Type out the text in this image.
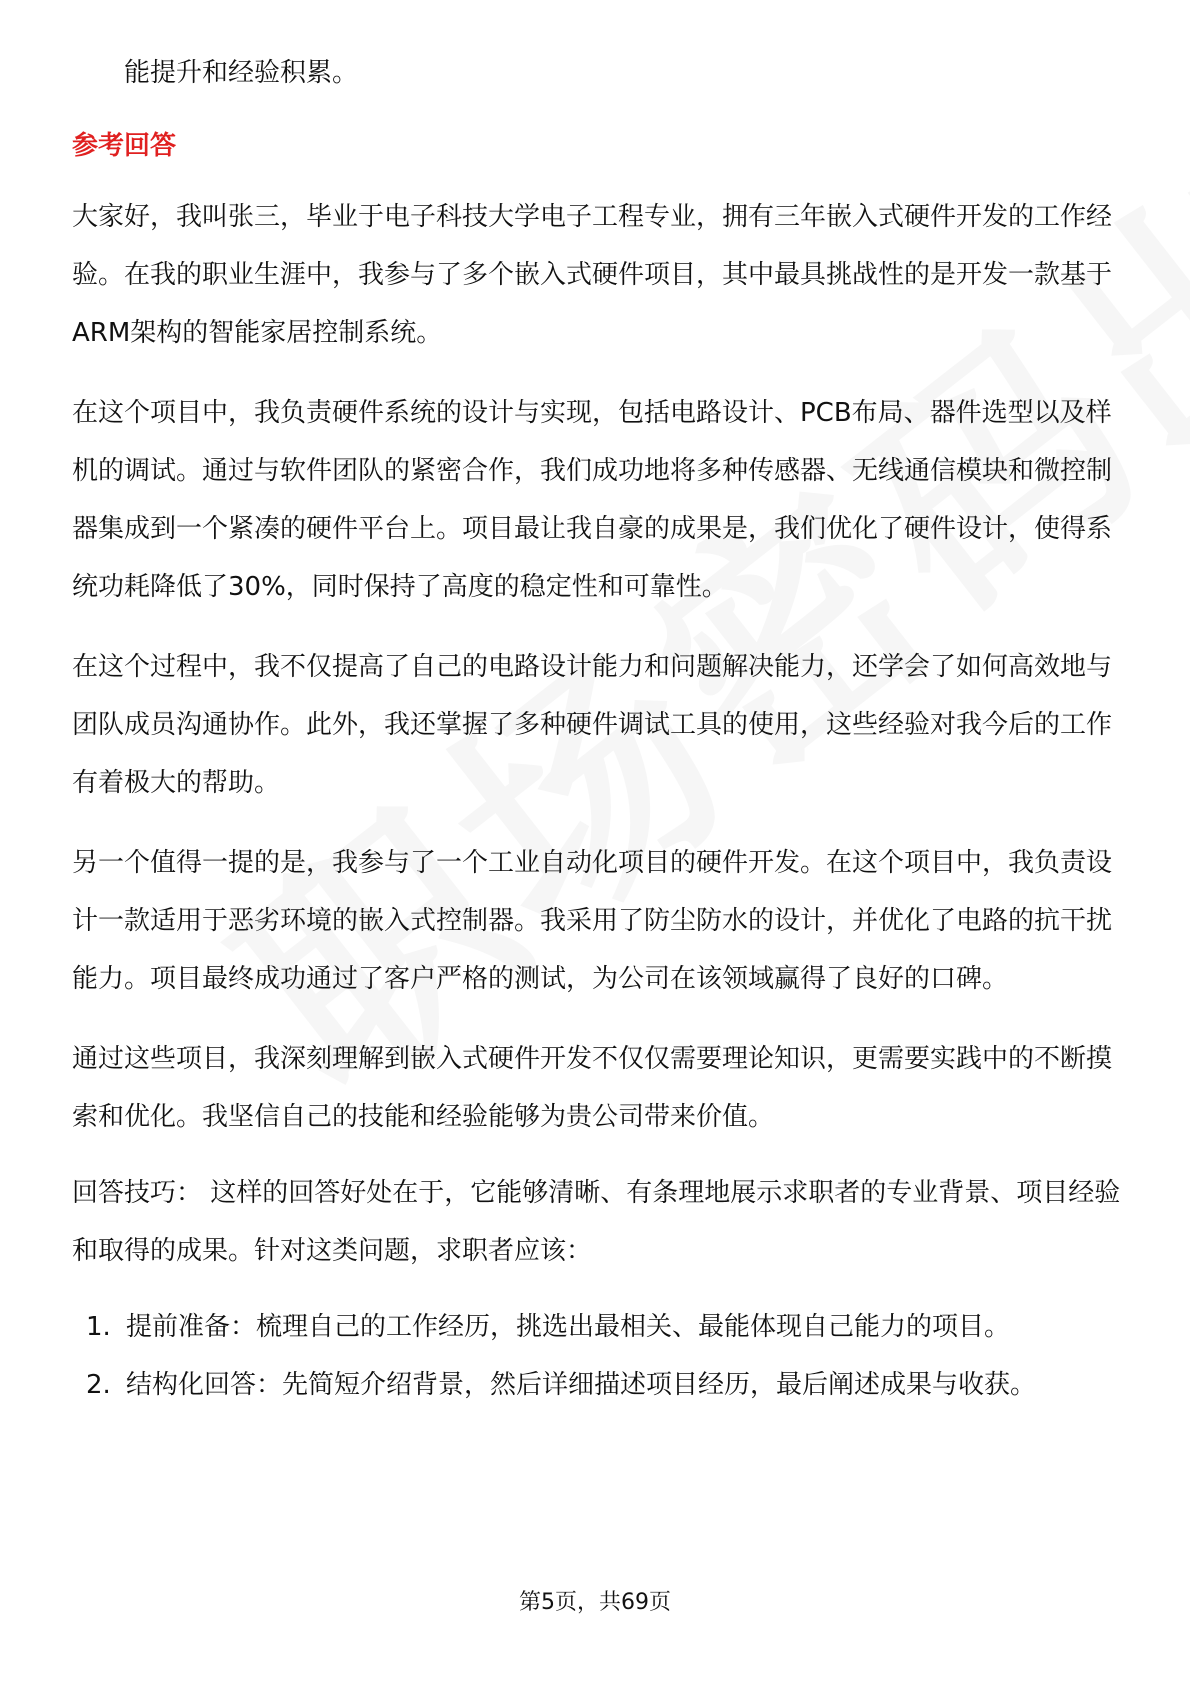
能提升和经验积累。

参考回答

大家好，我叫张三，毕业于电子科技大学电子工程专业，拥有三年嵌入式硬件开发的工作经验。在我的职业生涯中，我参与了多个嵌入式硬件项目，其中最具挑战性的是开发一款基于ARM架构的智能家居控制系统。

在这个项目中，我负责硬件系统的设计与实现，包括电路设计、PCB布局、器件选型以及样机的调试。通过与软件团队的紧密合作，我们成功地将多种传感器、无线通信模块和微控制器集成到一个紧凑的硬件平台上。项目最让我自豪的成果是，我们优化了硬件设计，使得系统功耗降低了30%，同时保持了高度的稳定性和可靠性。

在这个过程中，我不仅提高了自己的电路设计能力和问题解决能力，还学会了如何高效地与团队成员沟通协作。此外，我还掌握了多种硬件调试工具的使用，这些经验对我今后的工作有着极大的帮助。

另一个值得一提的是，我参与了一个工业自动化项目的硬件开发。在这个项目中，我负责设计一款适用于恶劣环境的嵌入式控制器。我采用了防尘防水的设计，并优化了电路的抗干扰能力。项目最终成功通过了客户严格的测试，为公司在该领域赢得了良好的口碑。

通过这些项目，我深刻理解到嵌入式硬件开发不仅仅需要理论知识，更需要实践中的不断摸索和优化。我坚信自己的技能和经验能够为贵公司带来价值。

回答技巧： 这样的回答好处在于，它能够清晰、有条理地展示求职者的专业背景、项目经验和取得的成果。针对这类问题，求职者应该：

1. 提前准备：梳理自己的工作经历，挑选出最相关、最能体现自己能力的项目。
2. 结构化回答：先简短介绍背景，然后详细描述项目经历，最后阐述成果与收获。
第5页，共69页
